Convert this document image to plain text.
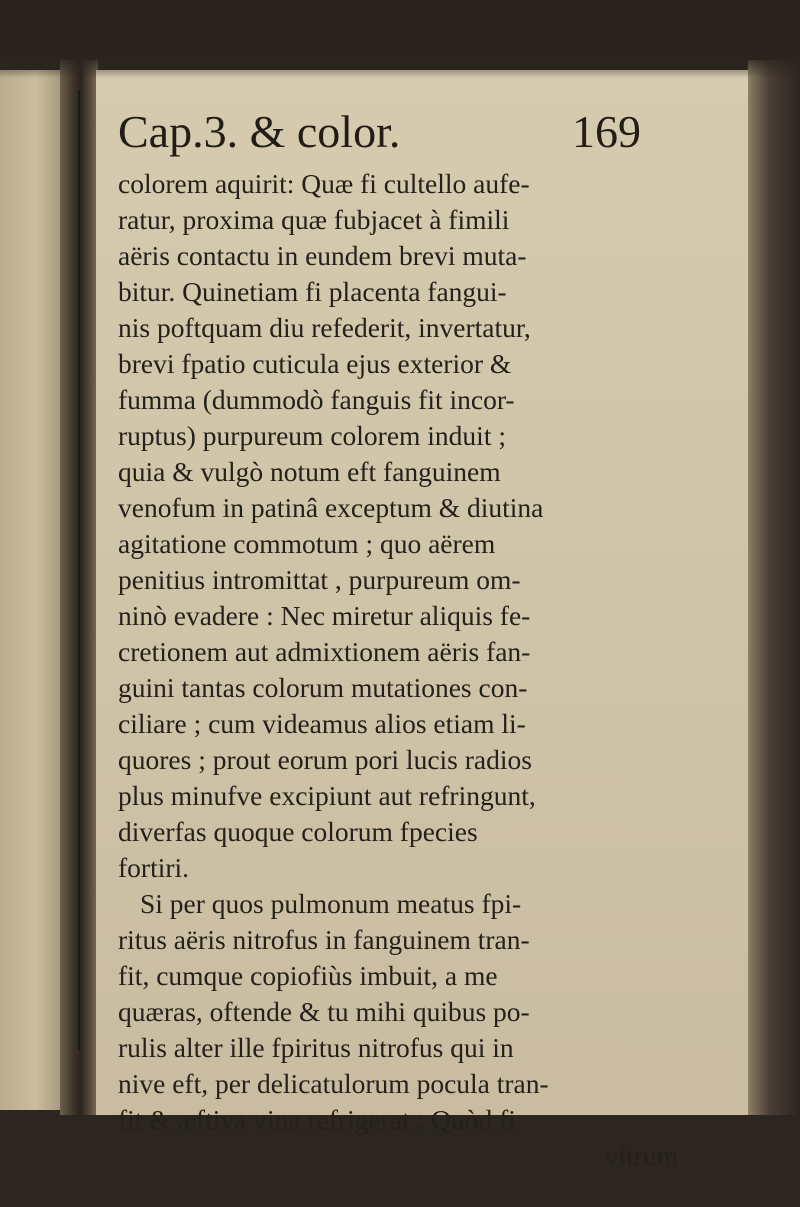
Cap.3. & color.	169
colorem aquirit: Quæ fi cultello aufe-
ratur, proxima quæ fubjacet à fimili
aëris contactu in eundem brevi muta-
bitur. Quinetiam fi placenta fangui-
nis poftquam diu refederit, invertatur,
brevi fpatio cuticula ejus exterior &
fumma (dummodò fanguis fit incor-
ruptus) purpureum colorem induit ;
quia & vulgò notum eft fanguinem
venofum in patinâ exceptum & diutina
agitatione commotum ; quo aërem
penitius intromittat , purpureum om-
ninò evadere : Nec miretur aliquis fe-
cretionem aut admixtionem aëris fan-
guini tantas colorum mutationes con-
ciliare ; cum videamus alios etiam li-
quores ; prout eorum pori lucis radios
plus minufve excipiunt aut refringunt,
diverfas quoque colorum fpecies
fortiri.
Si per quos pulmonum meatus fpi-
ritus aëris nitrofus in fanguinem tran-
fit, cumque copiofiùs imbuit, a me
quæras, oftende & tu mihi quibus po-
rulis alter ille fpiritus nitrofus qui in
nive eft, per delicatulorum pocula tran-
fit & æftiva vina refrigerat : Quòd fi
vitrum
